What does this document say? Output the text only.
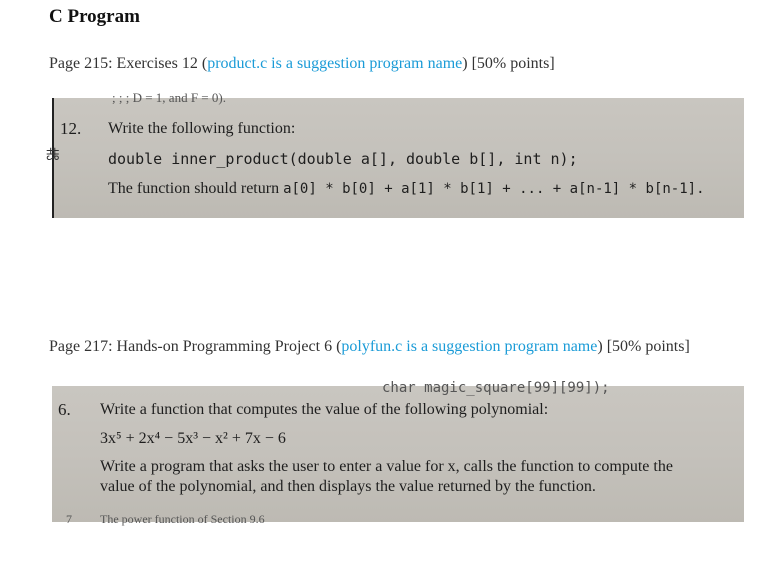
C Program
Page 215: Exercises 12 (product.c is a suggestion program name) [50% points]
; ; ; D = 1, and F = 0).
🝽
12. Write the following function:
double inner_product(double a[], double b[], int n);
The function should return a[0] * b[0] + a[1] * b[1] + ... + a[n-1] * b[n-1].
Page 217: Hands-on Programming Project 6 (polyfun.c is a suggestion program name) [50% points]
char magic_square[99][99]);
6. Write a function that computes the value of the following polynomial:
3x⁵ + 2x⁴ − 5x³ − x² + 7x − 6
Write a program that asks the user to enter a value for x, calls the function to compute the
value of the polynomial, and then displays the value returned by the function.
7 The power function of Section 9.6
